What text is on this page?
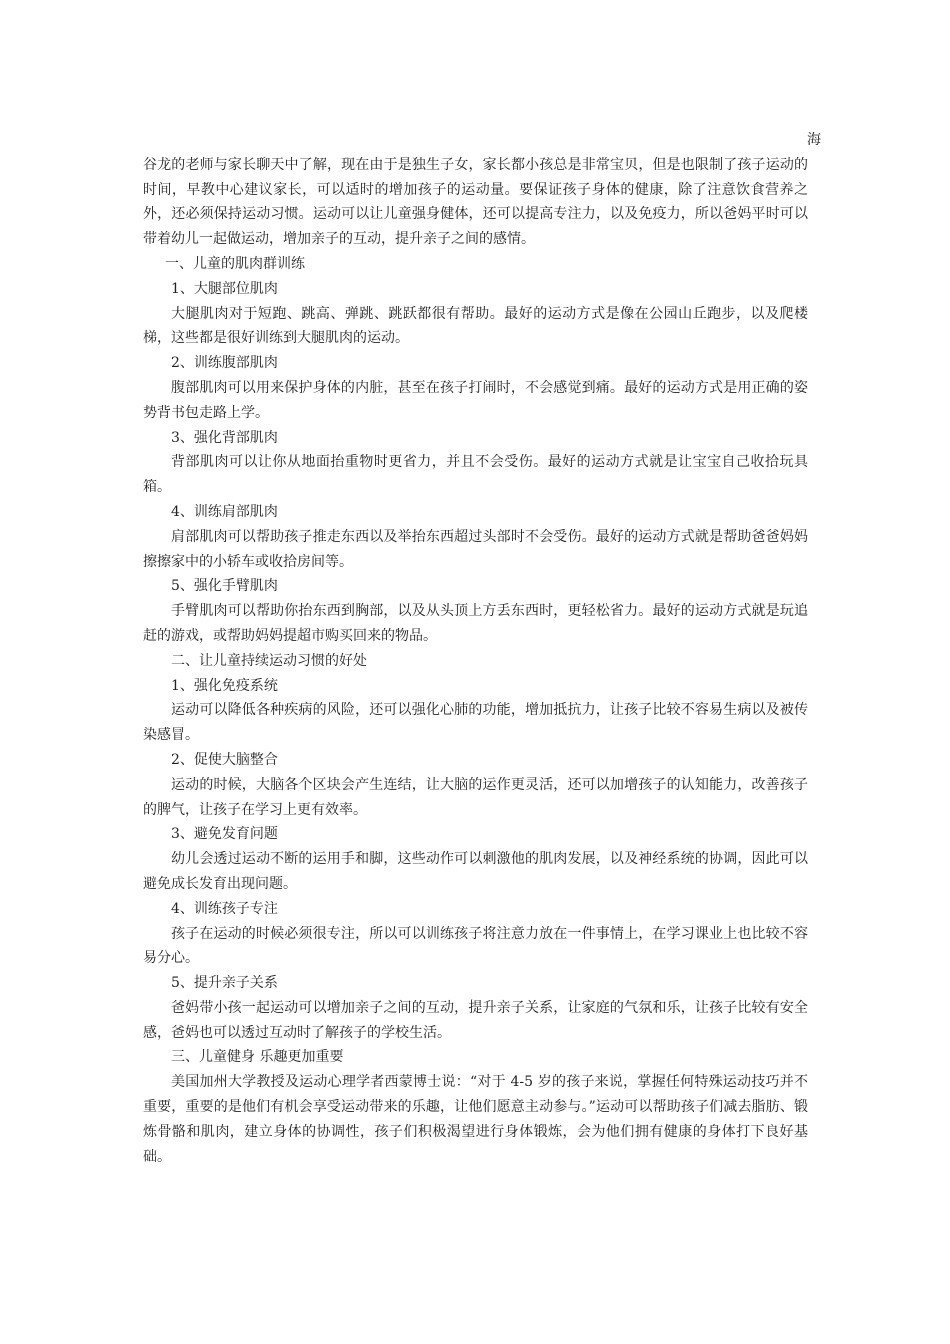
海

谷龙的老师与家长聊天中了解，现在由于是独生子女，家长都小孩总是非常宝贝，但是也限制了孩子运动的时间，早教中心建议家长，可以适时的增加孩子的运动量。要保证孩子身体的健康，除了注意饮食营养之外，还必须保持运动习惯。运动可以让儿童强身健体，还可以提高专注力，以及免疫力，所以爸妈平时可以带着幼儿一起做运动，增加亲子的互动，提升亲子之间的感情。

一、儿童的肌肉群训练

1、大腿部位肌肉

大腿肌肉对于短跑、跳高、弹跳、跳跃都很有帮助。最好的运动方式是像在公园山丘跑步，以及爬楼梯，这些都是很好训练到大腿肌肉的运动。

2、训练腹部肌肉

腹部肌肉可以用来保护身体的内脏，甚至在孩子打闹时，不会感觉到痛。最好的运动方式是用正确的姿势背书包走路上学。

3、强化背部肌肉

背部肌肉可以让你从地面抬重物时更省力，并且不会受伤。最好的运动方式就是让宝宝自己收拾玩具箱。

4、训练肩部肌肉

肩部肌肉可以帮助孩子推走东西以及举抬东西超过头部时不会受伤。最好的运动方式就是帮助爸爸妈妈擦擦家中的小轿车或收拾房间等。

5、强化手臂肌肉

手臂肌肉可以帮助你抬东西到胸部，以及从头顶上方丢东西时，更轻松省力。最好的运动方式就是玩追赶的游戏，或帮助妈妈提超市购买回来的物品。

二、让儿童持续运动习惯的好处

1、强化免疫系统

运动可以降低各种疾病的风险，还可以强化心肺的功能，增加抵抗力，让孩子比较不容易生病以及被传染感冒。

2、促使大脑整合

运动的时候，大脑各个区块会产生连结，让大脑的运作更灵活，还可以加增孩子的认知能力，改善孩子的脾气，让孩子在学习上更有效率。

3、避免发育问题

幼儿会透过运动不断的运用手和脚，这些动作可以刺激他的肌肉发展，以及神经系统的协调，因此可以避免成长发育出现问题。

4、训练孩子专注

孩子在运动的时候必须很专注，所以可以训练孩子将注意力放在一件事情上，在学习课业上也比较不容易分心。

5、提升亲子关系

爸妈带小孩一起运动可以增加亲子之间的互动，提升亲子关系，让家庭的气氛和乐，让孩子比较有安全感，爸妈也可以透过互动时了解孩子的学校生活。

三、儿童健身 乐趣更加重要

美国加州大学教授及运动心理学者西蒙博士说：“对于 4-5 岁的孩子来说，掌握任何特殊运动技巧并不重要，重要的是他们有机会享受运动带来的乐趣，让他们愿意主动参与。”运动可以帮助孩子们减去脂肪、锻炼骨骼和肌肉，建立身体的协调性，孩子们积极渴望进行身体锻炼，会为他们拥有健康的身体打下良好基础。
